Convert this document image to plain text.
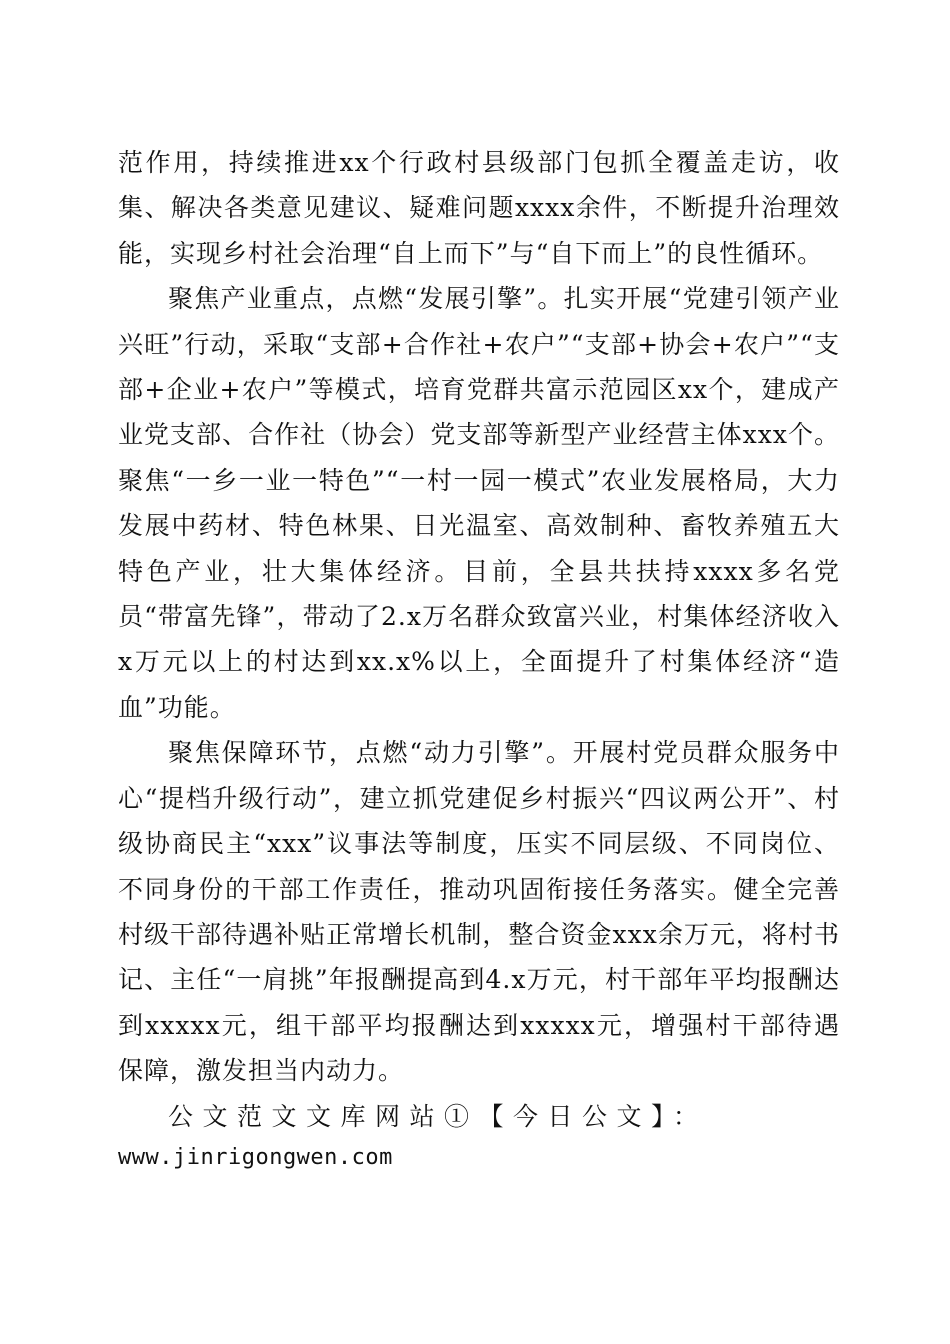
范作用，持续推进xx个行政村县级部门包抓全覆盖走访，收集、解决各类意见建议、疑难问题xxxx余件，不断提升治理效能，实现乡村社会治理“自上而下”与“自下而上”的良性循环。

聚焦产业重点，点燃“发展引擎”。扎实开展“党建引领产业兴旺”行动，采取“支部+合作社+农户”“支部+协会+农户”“支部+企业+农户”等模式，培育党群共富示范园区xx个，建成产业党支部、合作社（协会）党支部等新型产业经营主体xxx个。聚焦“一乡一业一特色”“一村一园一模式”农业发展格局，大力发展中药材、特色林果、日光温室、高效制种、畜牧养殖五大特色产业，壮大集体经济。目前，全县共扶持xxxx多名党员“带富先锋”，带动了2.x万名群众致富兴业，村集体经济收入x万元以上的村达到xx.x%以上，全面提升了村集体经济“造血”功能。

聚焦保障环节，点燃“动力引擎”。开展村党员群众服务中心“提档升级行动”，建立抓党建促乡村振兴“四议两公开”、村级协商民主“xxx”议事法等制度，压实不同层级、不同岗位、不同身份的干部工作责任，推动巩固衔接任务落实。健全完善村级干部待遇补贴正常增长机制，整合资金xxx余万元，将村书记、主任“一肩挑”年报酬提高到4.x万元，村干部年平均报酬达到xxxxx元，组干部平均报酬达到xxxxx元，增强村干部待遇保障，激发担当内动力。

公文范文文库网站①【今日公文】：

www.jinrigongwen.com
